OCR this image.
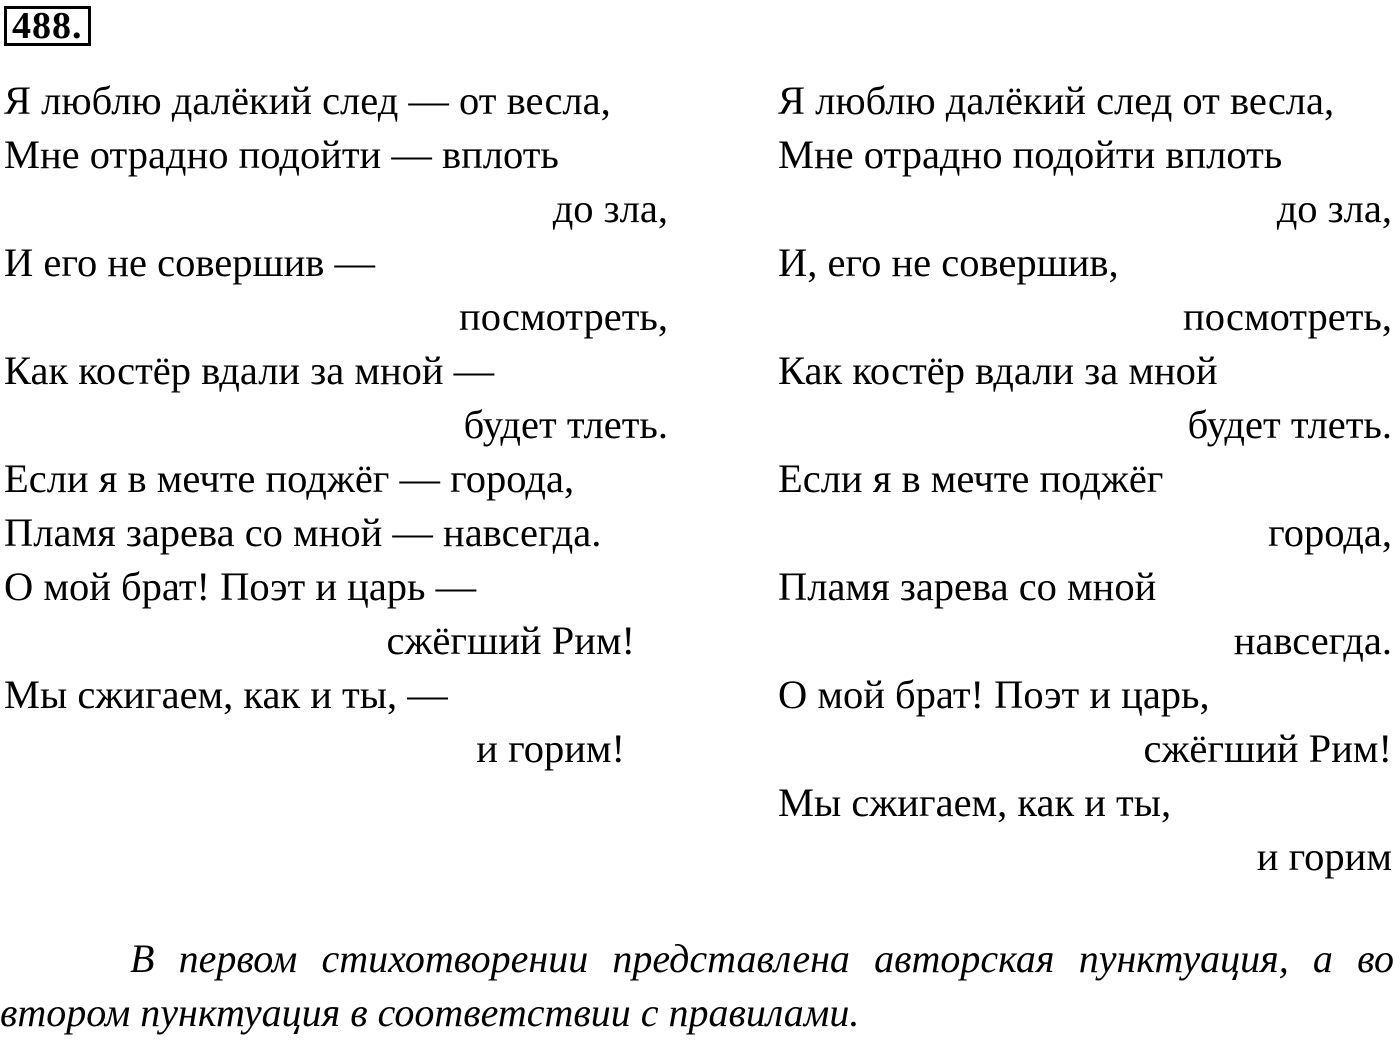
488.
Я люблю далёкий след — от весла,
Мне отрадно подойти — вплоть
до зла,
И его не совершив —
посмотреть,
Как костёр вдали за мной —
будет тлеть.
Если я в мечте поджёг — города,
Пламя зарева со мной — навсегда.
О мой брат! Поэт и царь —
сжёгший Рим!
Мы сжигаем, как и ты, —
и горим!
Я люблю далёкий след от весла,
Мне отрадно подойти вплоть
до зла,
И, его не совершив,
посмотреть,
Как костёр вдали за мной
будет тлеть.
Если я в мечте поджёг
города,
Пламя зарева со мной
навсегда.
О мой брат! Поэт и царь,
сжёгший Рим!
Мы сжигаем, как и ты,
и горим

В первом стихотворении представлена авторская пунктуация, а во втором пунктуация в соответствии с правилами.
